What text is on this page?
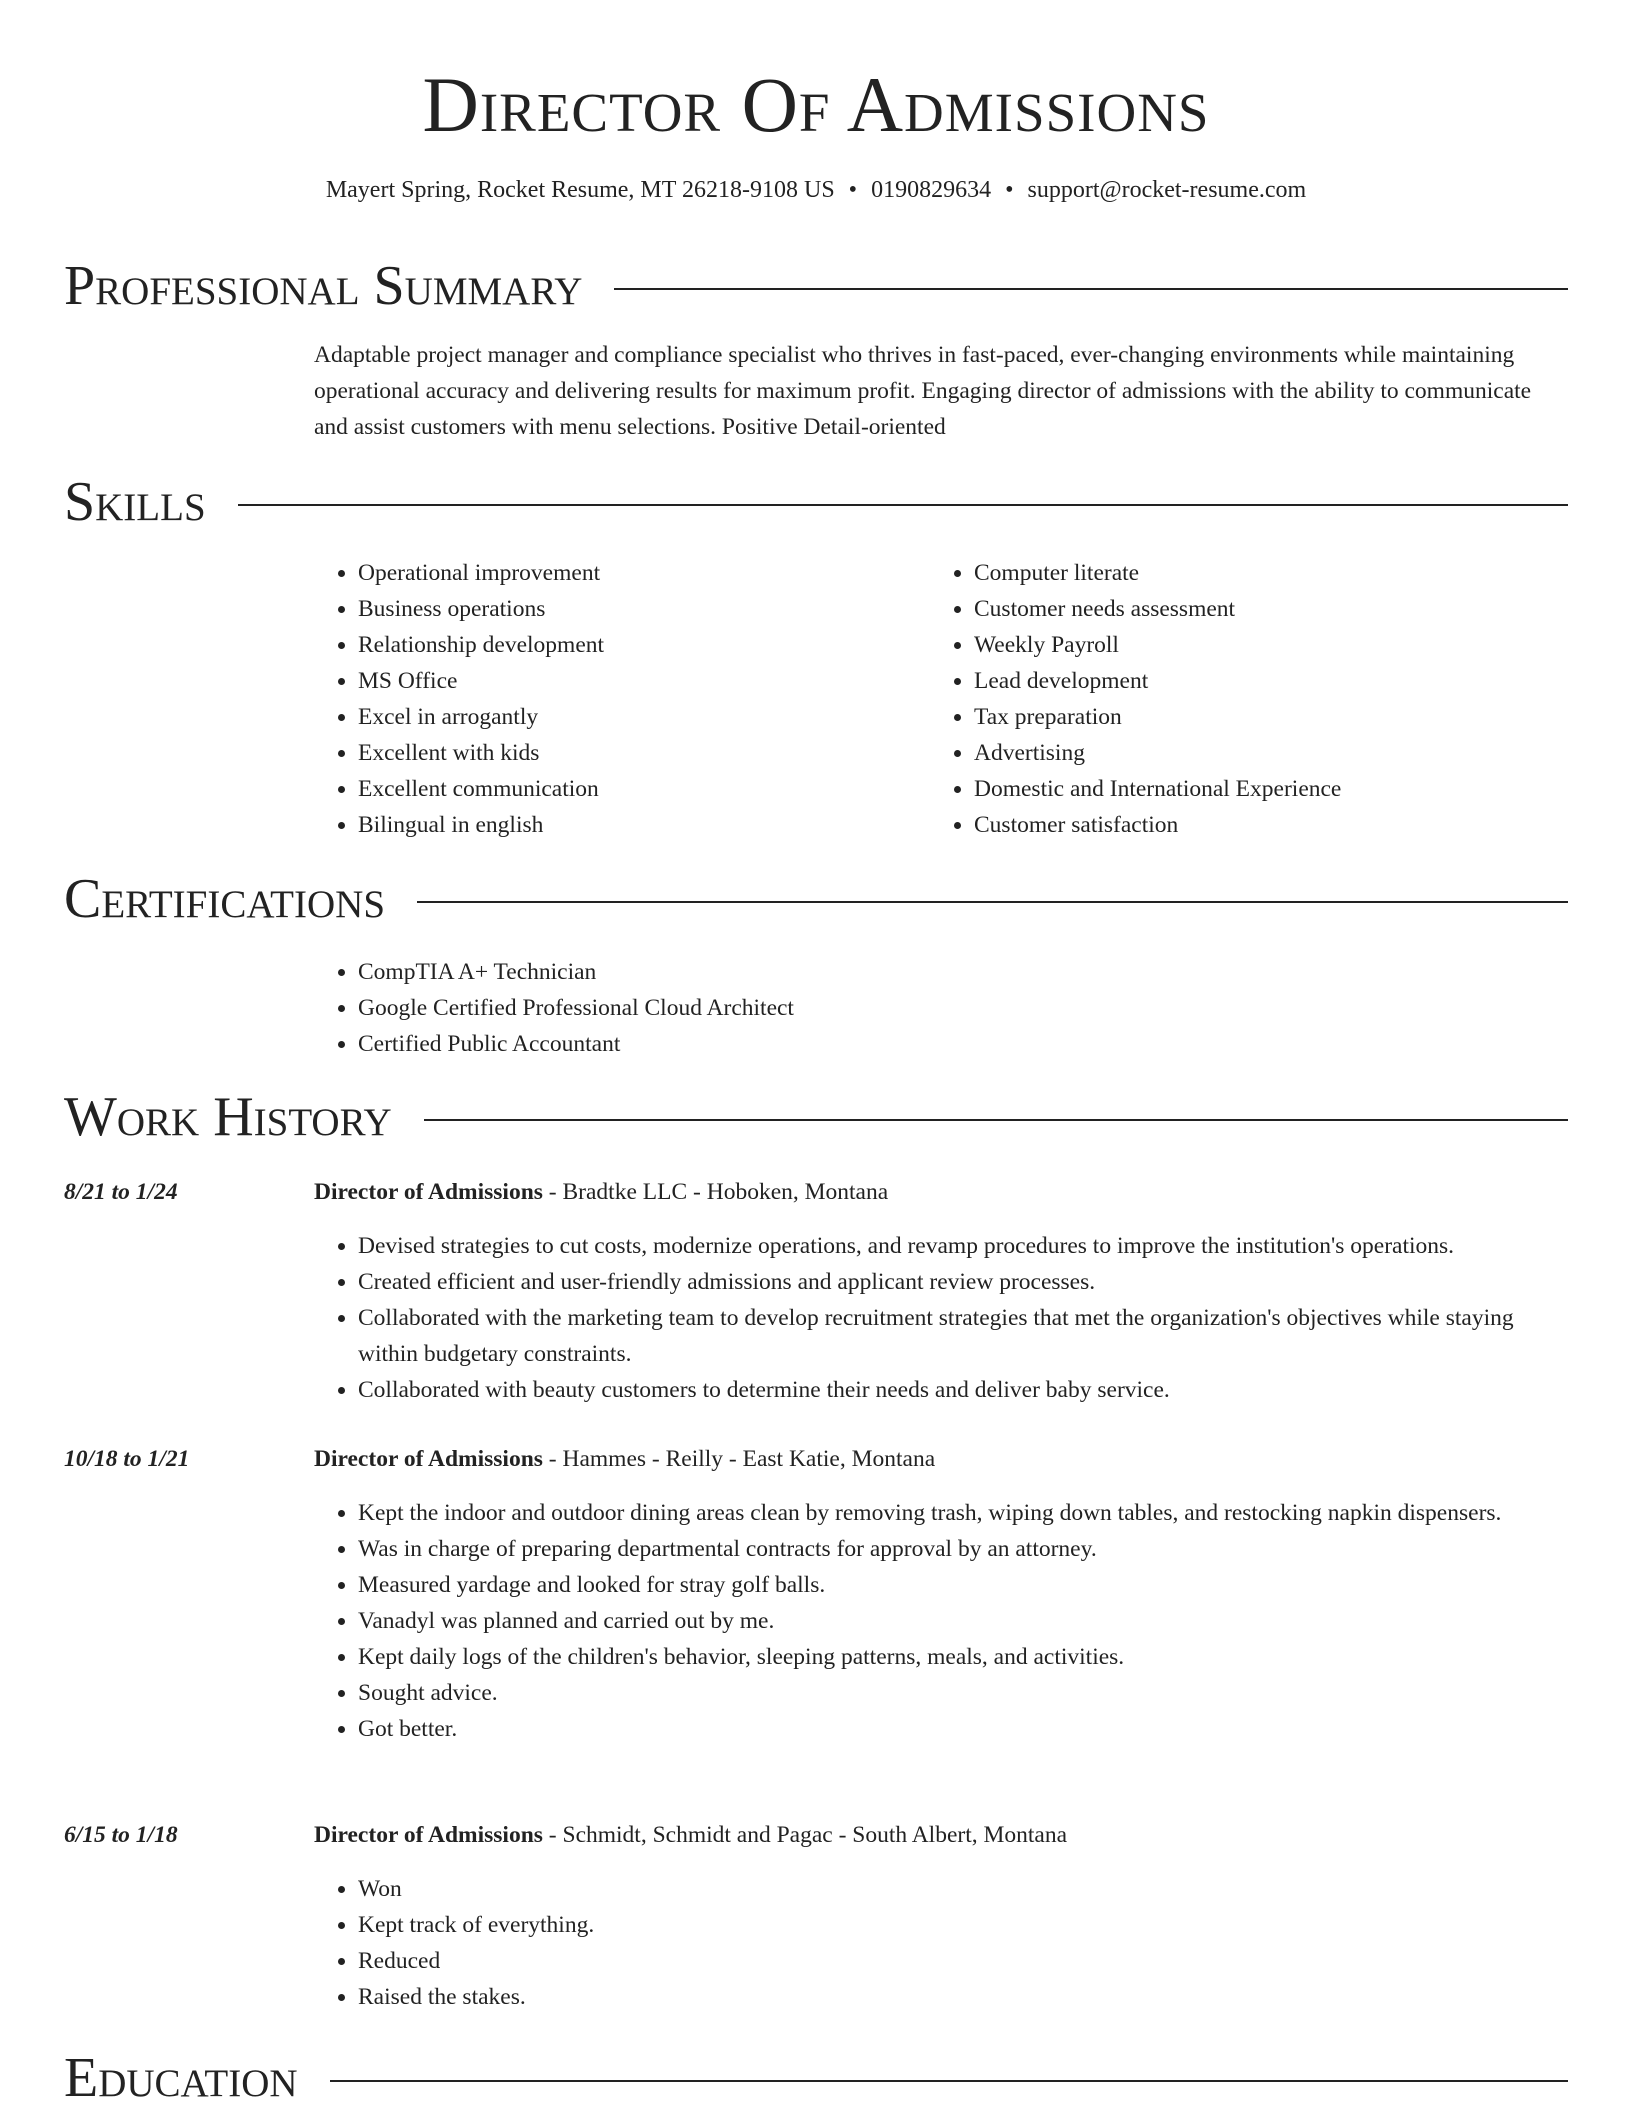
Director Of Admissions
Mayert Spring, Rocket Resume, MT 26218-9108 US • 0190829634 • support@rocket-resume.com
Professional Summary

Adaptable project manager and compliance specialist who thrives in fast-paced, ever-changing environments while maintaining operational accuracy and delivering results for maximum profit. Engaging director of admissions with the ability to communicate and assist customers with menu selections. Positive Detail-oriented

Skills
• Operational improvement
• Business operations
• Relationship development
• MS Office
• Excel in arrogantly
• Excellent with kids
• Excellent communication
• Bilingual in english
• Computer literate
• Customer needs assessment
• Weekly Payroll
• Lead development
• Tax preparation
• Advertising
• Domestic and International Experience
• Customer satisfaction
Certifications
• CompTIA A+ Technician
• Google Certified Professional Cloud Architect
• Certified Public Accountant
Work History
8/21 to 1/24	Director of Admissions - Bradtke LLC - Hoboken, Montana
• Devised strategies to cut costs, modernize operations, and revamp procedures to improve the institution's operations.
• Created efficient and user-friendly admissions and applicant review processes.
• Collaborated with the marketing team to develop recruitment strategies that met the organization's objectives while staying within budgetary constraints.
• Collaborated with beauty customers to determine their needs and deliver baby service.
10/18 to 1/21	Director of Admissions - Hammes - Reilly - East Katie, Montana
• Kept the indoor and outdoor dining areas clean by removing trash, wiping down tables, and restocking napkin dispensers.
• Was in charge of preparing departmental contracts for approval by an attorney.
• Measured yardage and looked for stray golf balls.
• Vanadyl was planned and carried out by me.
• Kept daily logs of the children's behavior, sleeping patterns, meals, and activities.
• Sought advice.
• Got better.
6/15 to 1/18	Director of Admissions - Schmidt, Schmidt and Pagac - South Albert, Montana
• Won
• Kept track of everything.
• Reduced
• Raised the stakes.
Education
